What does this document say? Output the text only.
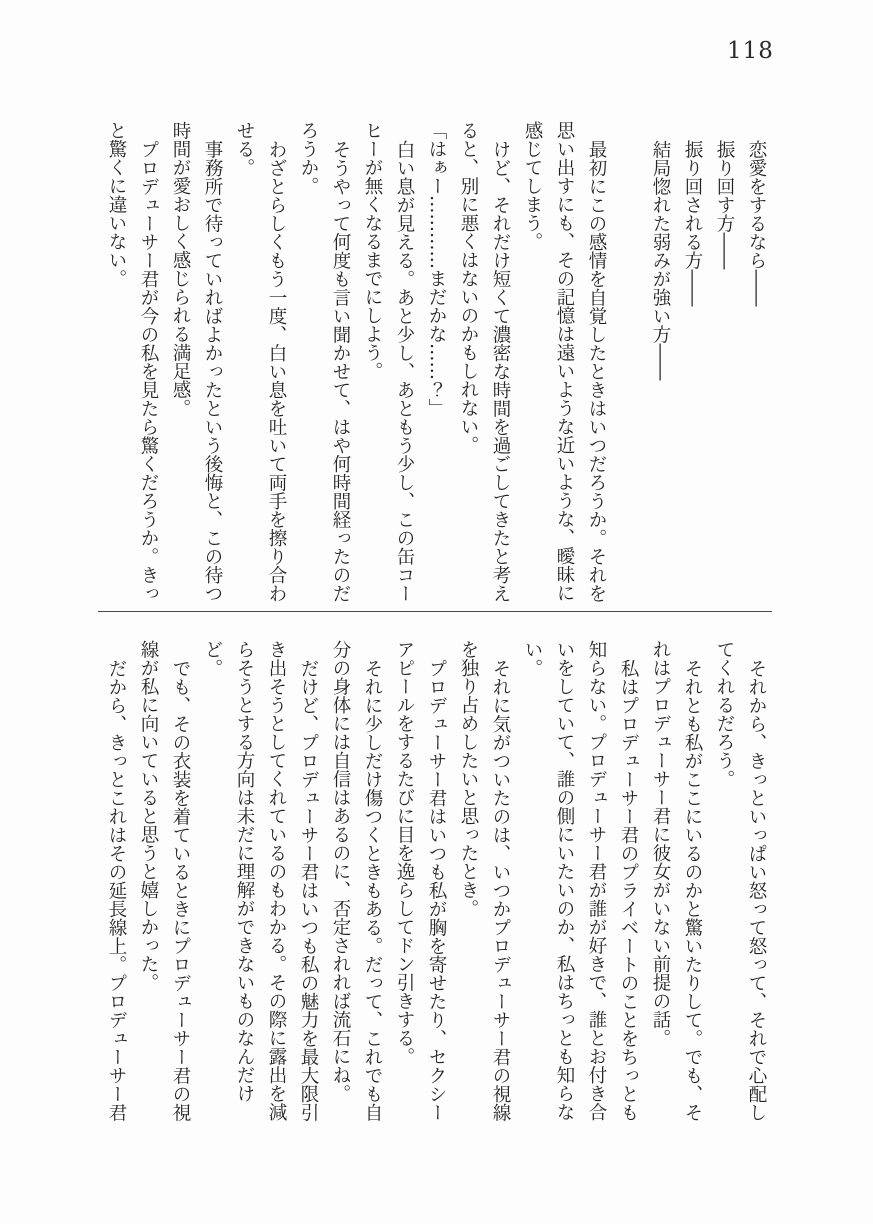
118

恋愛をするなら――

振り回す方――

振り回される方――

結局惚れた弱みが強い方――

最初にこの感情を自覚したときはいつだろうか。それを

思い出すにも、その記憶は遠いような近いような、曖昧に

感じてしまう。

けど、それだけ短くて濃密な時間を過ごしてきたと考え

ると、別に悪くはないのかもしれない。

「はぁー…………まだかな……？」

白い息が見える。あと少し、あともう少し、この缶コー

ヒーが無くなるまでにしよう。

そうやって何度も言い聞かせて、はや何時間経ったのだ

ろうか。

わざとらしくもう一度、白い息を吐いて両手を擦り合わ

せる。

事務所で待っていればよかったという後悔と、この待つ

時間が愛おしく感じられる満足感。

プロデューサー君が今の私を見たら驚くだろうか。きっ

と驚くに違いない。

それから、きっといっぱい怒って怒って、それで心配し

てくれるだろう。

それとも私がここにいるのかと驚いたりして。でも、そ

れはプロデューサー君に彼女がいない前提の話。

私はプロデューサー君のプライベートのことをちっとも

知らない。プロデューサー君が誰が好きで、誰とお付き合

いをしていて、誰の側にいたいのか、私はちっとも知らな

い。

それに気がついたのは、いつかプロデューサー君の視線

を独り占めしたいと思ったとき。

プロデューサー君はいつも私が胸を寄せたり、セクシー

アピールをするたびに目を逸らしてドン引きする。

それに少しだけ傷つくときもある。だって、これでも自

分の身体には自信はあるのに、否定されれば流石にね。

だけど、プロデューサー君はいつも私の魅力を最大限引

き出そうとしてくれているのもわかる。その際に露出を減

らそうとする方向は未だに理解ができないものなんだけ

ど。

でも、その衣装を着ているときにプロデューサー君の視

線が私に向いていると思うと嬉しかった。

だから、きっとこれはその延長線上。プロデューサー君
